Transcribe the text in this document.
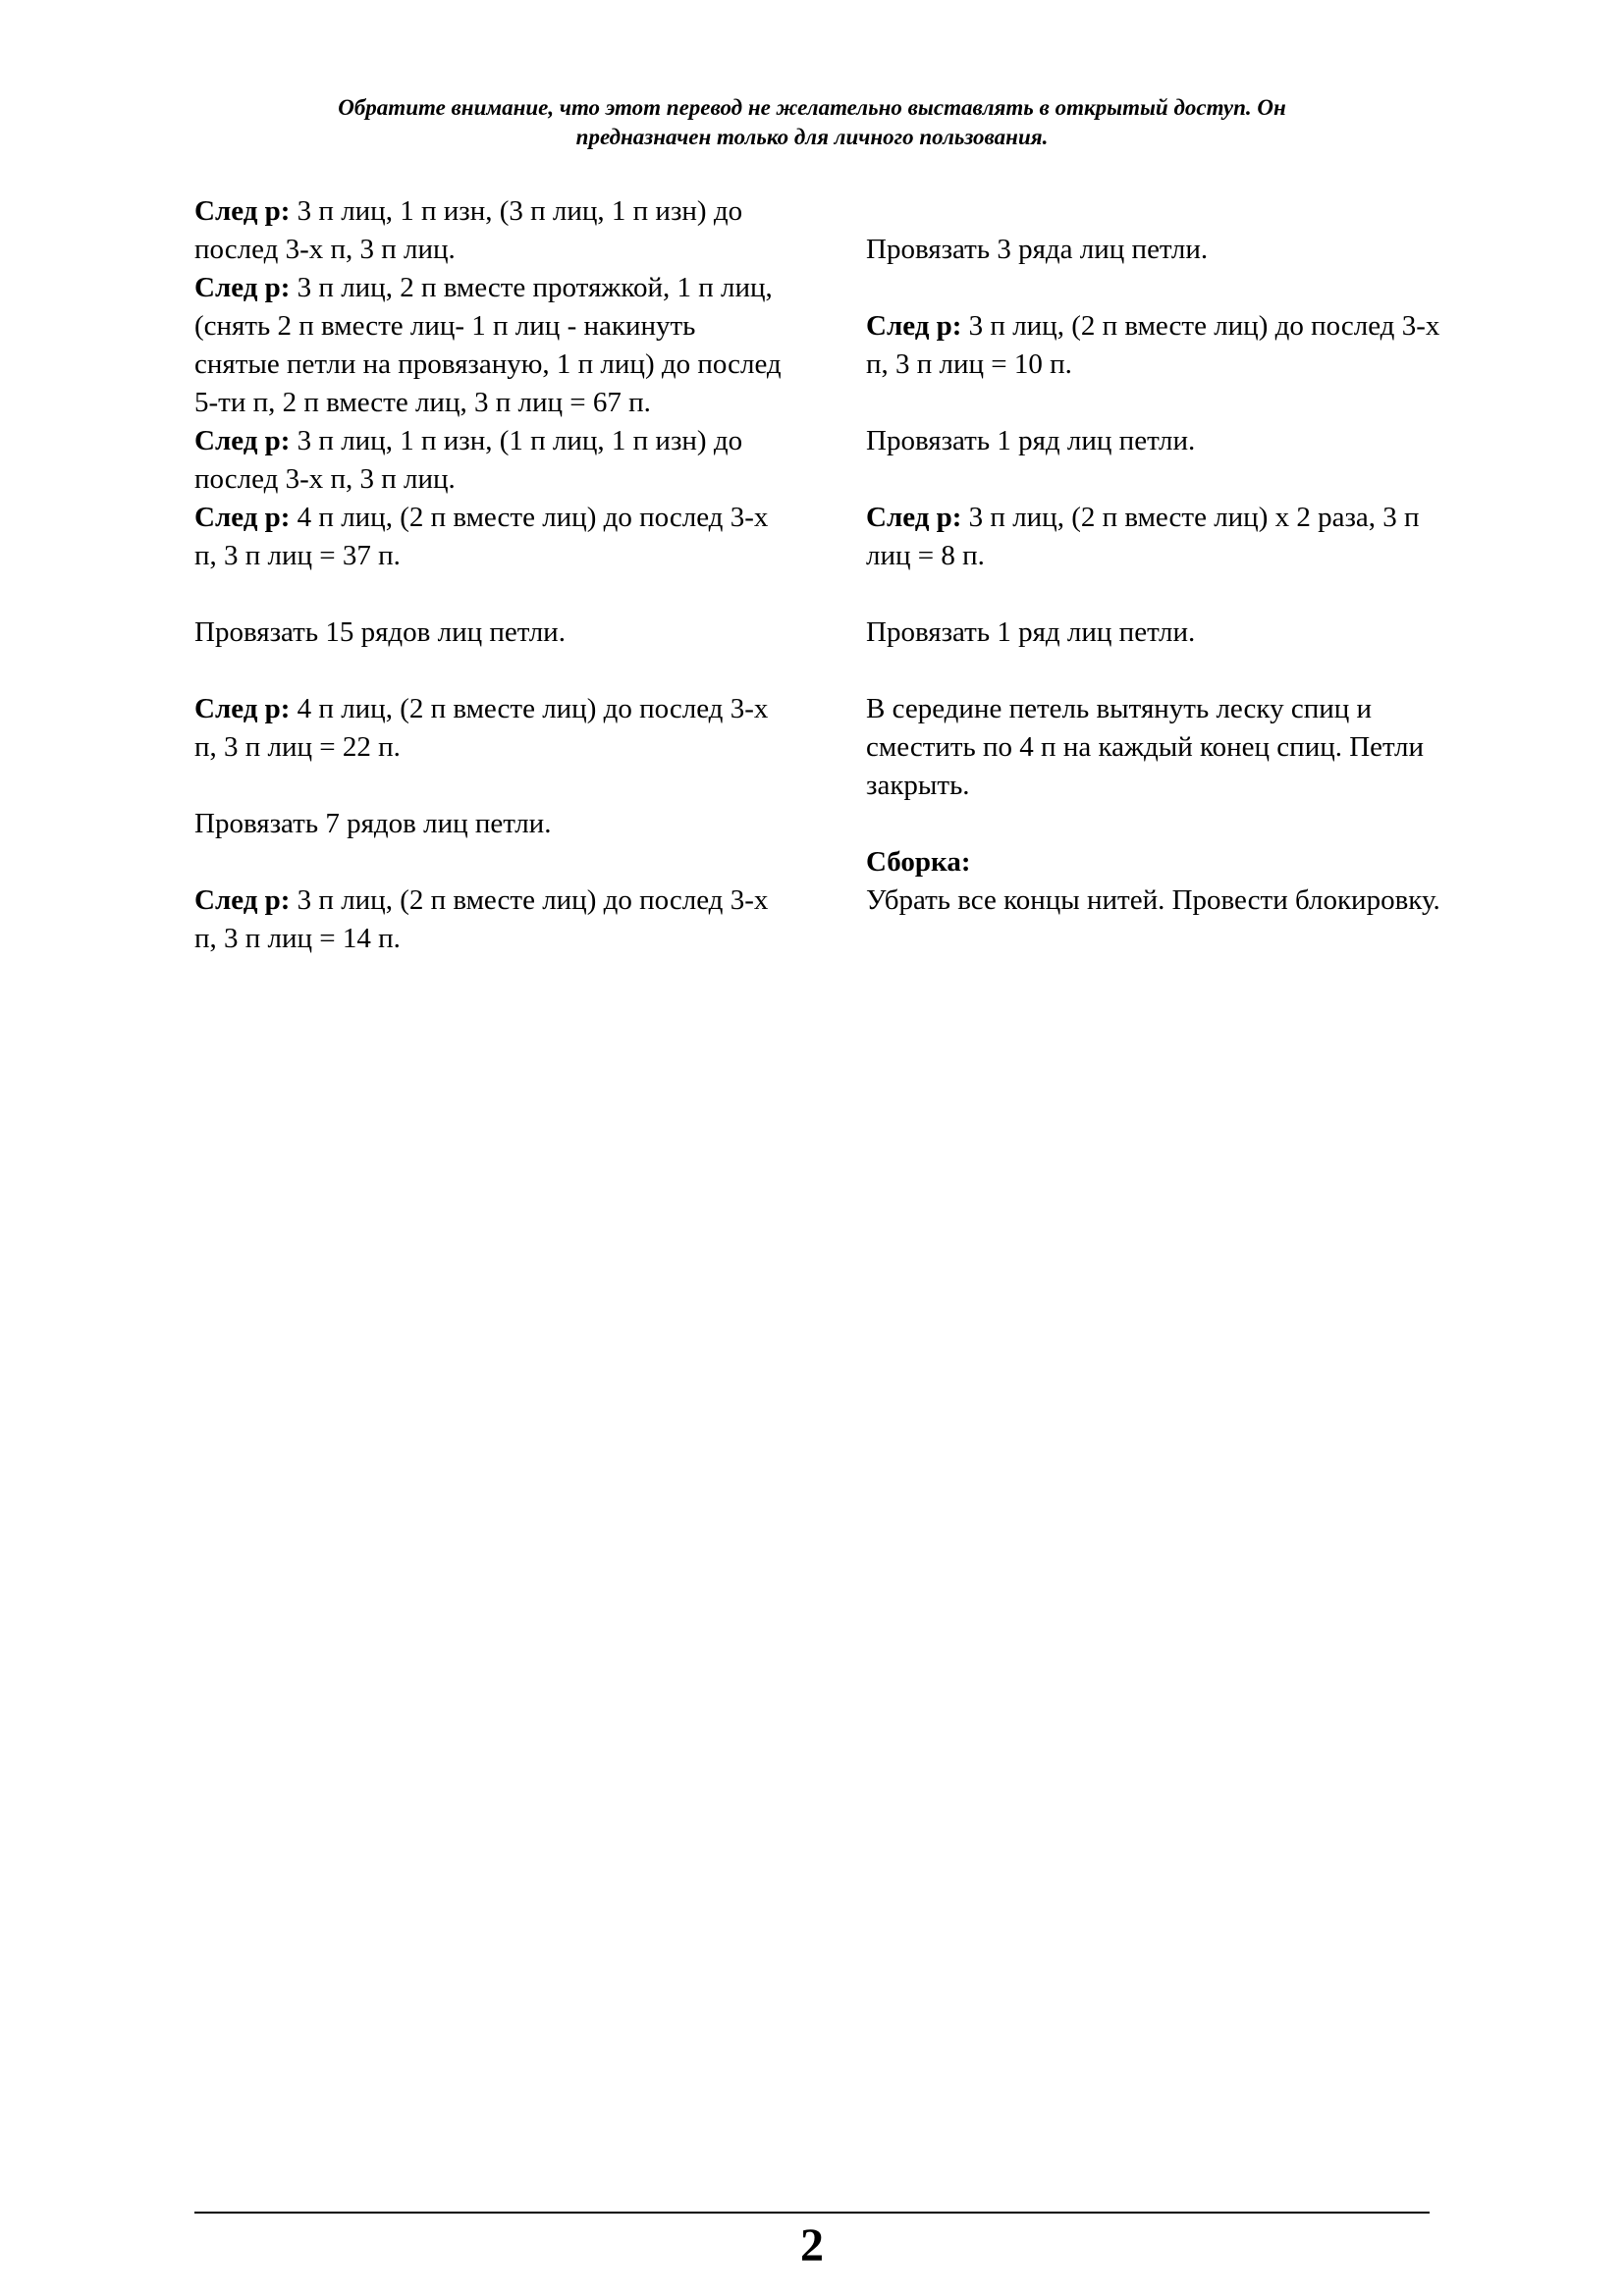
Обратите внимание, что этот перевод не желательно выставлять в открытый доступ. Он
предназначен только для личного пользования.

След р: 3 п лиц, 1 п изн, (3 п лиц, 1 п изн) до послед 3-х п, 3 п лиц.

След р: 3 п лиц, 2 п вместе протяжкой, 1 п лиц, (снять 2 п вместе лиц- 1 п лиц - накинуть снятые петли на провязаную, 1 п лиц) до послед 5-ти п, 2 п вместе лиц, 3 п лиц = 67 п.

След р: 3 п лиц, 1 п изн, (1 п лиц, 1 п изн) до послед 3-х п, 3 п лиц.

След р: 4 п лиц, (2 п вместе лиц) до послед 3-х п, 3 п лиц = 37 п.

Провязать 15 рядов лиц петли.

След р: 4 п лиц, (2 п вместе лиц) до послед 3-х п, 3 п лиц = 22 п.

Провязать 7 рядов лиц петли.

След р: 3 п лиц, (2 п вместе лиц) до послед 3-х п, 3 п лиц = 14 п.

Провязать 3 ряда лиц петли.

След р: 3 п лиц, (2 п вместе лиц) до послед 3-х п, 3 п лиц = 10 п.

Провязать 1 ряд лиц петли.

След р: 3 п лиц, (2 п вместе лиц) х 2 раза, 3 п лиц = 8 п.

Провязать 1 ряд лиц петли.

В середине петель вытянуть леску спиц и сместить по 4 п на каждый конец спиц. Петли закрыть.

Сборка:
Убрать все концы нитей. Провести блокировку.

2
